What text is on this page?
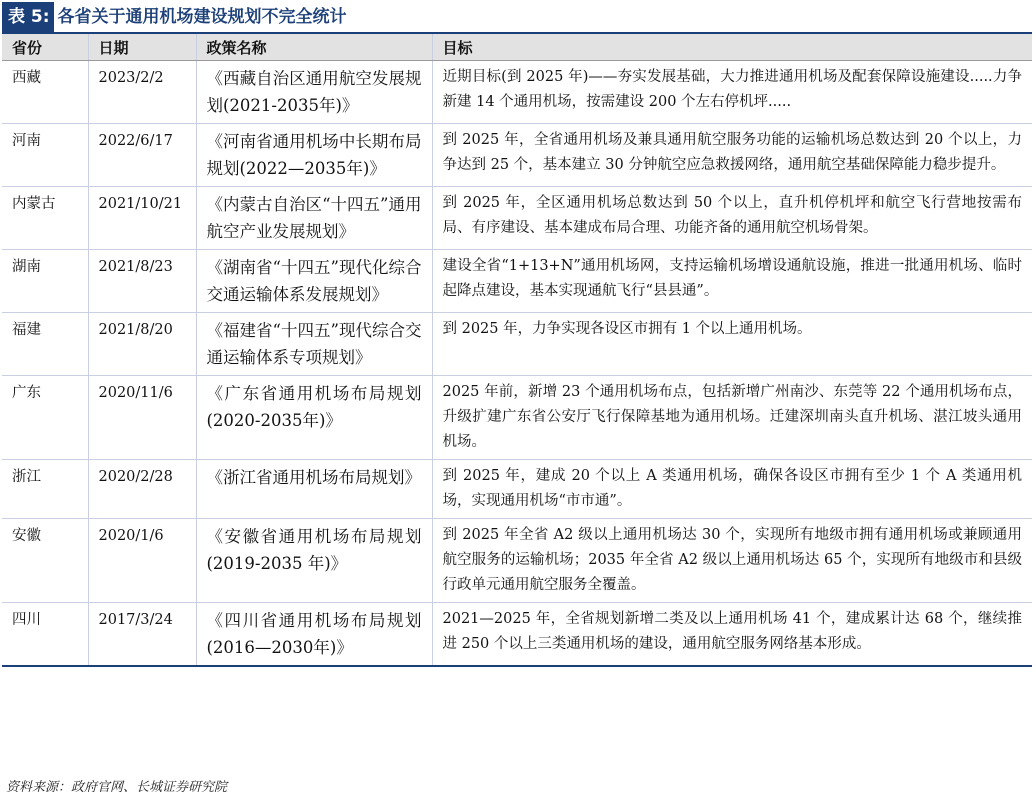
表 5: 各省关于通用机场建设规划不完全统计
省份	日期	政策名称	目标
西藏	2023/2/2	《西藏自治区通用航空发展规划(2021-2035年)》	近期目标(到 2025 年)——夯实发展基础，大力推进通用机场及配套保障设施建设.....力争新建 14 个通用机场，按需建设 200 个左右停机坪.....
河南	2022/6/17	《河南省通用机场中长期布局规划(2022—2035年)》	到 2025 年，全省通用机场及兼具通用航空服务功能的运输机场总数达到 20 个以上，力争达到 25 个，基本建立 30 分钟航空应急救援网络，通用航空基础保障能力稳步提升。
内蒙古	2021/10/21	《内蒙古自治区“十四五”通用航空产业发展规划》	到 2025 年，全区通用机场总数达到 50 个以上，直升机停机坪和航空飞行营地按需布局、有序建设、基本建成布局合理、功能齐备的通用航空机场骨架。
湖南	2021/8/23	《湖南省“十四五”现代化综合交通运输体系发展规划》	建设全省“1+13+N”通用机场网，支持运输机场增设通航设施，推进一批通用机场、临时起降点建设，基本实现通航飞行“县县通”。
福建	2021/8/20	《福建省“十四五”现代综合交通运输体系专项规划》	到 2025 年，力争实现各设区市拥有 1 个以上通用机场。
广东	2020/11/6	《广东省通用机场布局规划(2020-2035年)》	2025 年前，新增 23 个通用机场布点，包括新增广州南沙、东莞等 22 个通用机场布点，升级扩建广东省公安厅飞行保障基地为通用机场。迁建深圳南头直升机场、湛江坡头通用机场。
浙江	2020/2/28	《浙江省通用机场布局规划》	到 2025 年，建成 20 个以上 A 类通用机场，确保各设区市拥有至少 1 个 A 类通用机场，实现通用机场“市市通”。
安徽	2020/1/6	《安徽省通用机场布局规划(2019-2035 年)》	到 2025 年全省 A2 级以上通用机场达 30 个，实现所有地级市拥有通用机场或兼顾通用航空服务的运输机场；2035 年全省 A2 级以上通用机场达 65 个，实现所有地级市和县级行政单元通用航空服务全覆盖。
四川	2017/3/24	《四川省通用机场布局规划(2016—2030年)》	2021—2025 年，全省规划新增二类及以上通用机场 41 个，建成累计达 68 个，继续推进 250 个以上三类通用机场的建设，通用航空服务网络基本形成。
资料来源：政府官网、长城证券研究院
